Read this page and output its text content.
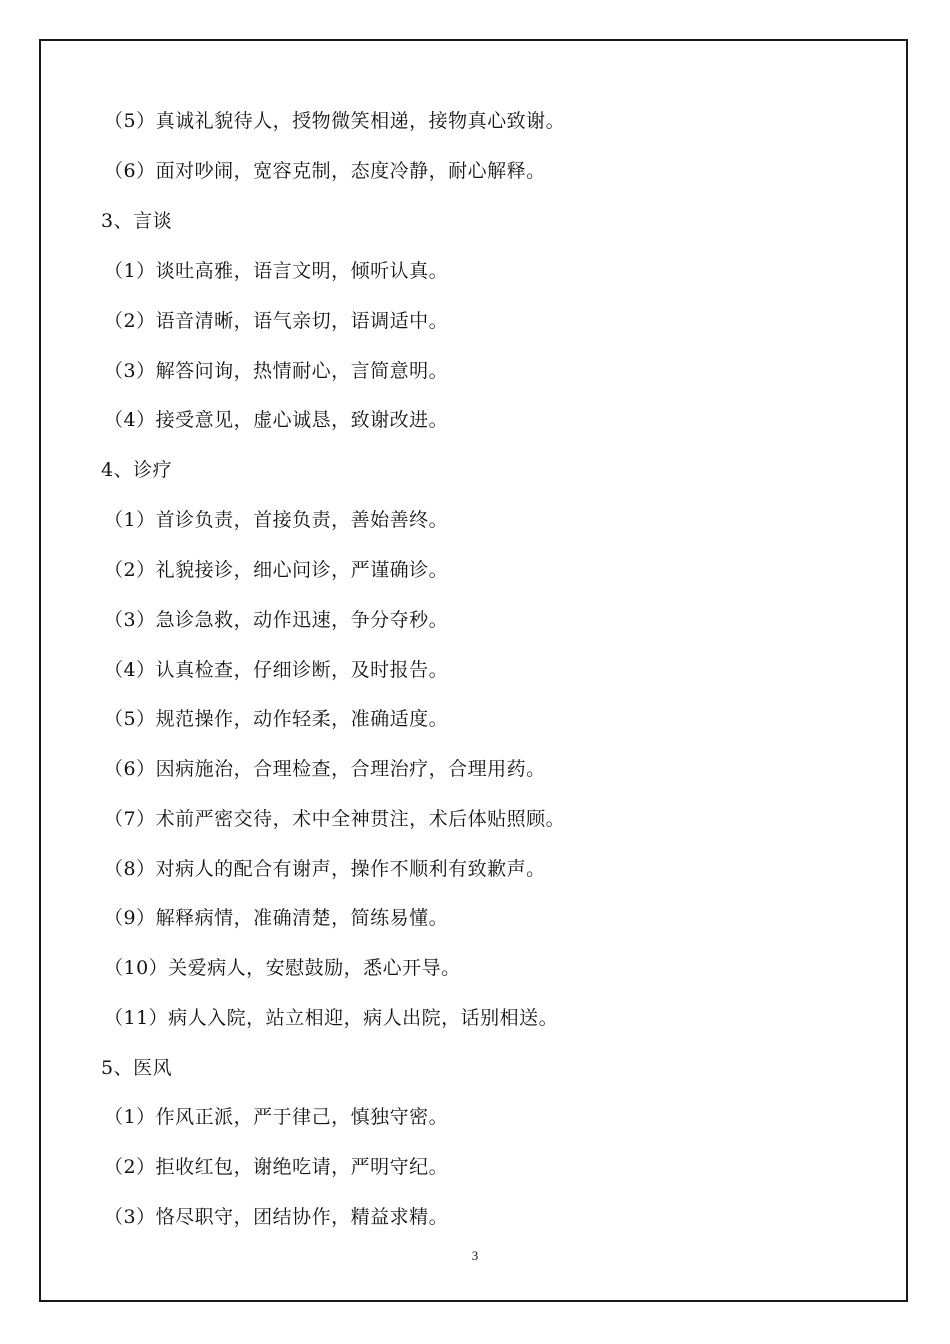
（5）真诚礼貌待人，授物微笑相递，接物真心致谢。
（6）面对吵闹，宽容克制，态度冷静，耐心解释。
3、言谈
（1）谈吐高雅，语言文明，倾听认真。
（2）语音清晰，语气亲切，语调适中。
（3）解答问询，热情耐心，言简意明。
（4）接受意见，虚心诚恳，致谢改进。
4、诊疗
（1）首诊负责，首接负责，善始善终。
（2）礼貌接诊，细心问诊，严谨确诊。
（3）急诊急救，动作迅速，争分夺秒。
（4）认真检查，仔细诊断，及时报告。
（5）规范操作，动作轻柔，准确适度。
（6）因病施治，合理检查，合理治疗，合理用药。
（7）术前严密交待，术中全神贯注，术后体贴照顾。
（8）对病人的配合有谢声，操作不顺利有致歉声。
（9）解释病情，准确清楚，简练易懂。
（10）关爱病人，安慰鼓励，悉心开导。
（11）病人入院，站立相迎，病人出院，话别相送。
5、医风
（1）作风正派，严于律己，慎独守密。
（2）拒收红包，谢绝吃请，严明守纪。
（3）恪尽职守，团结协作，精益求精。
3
